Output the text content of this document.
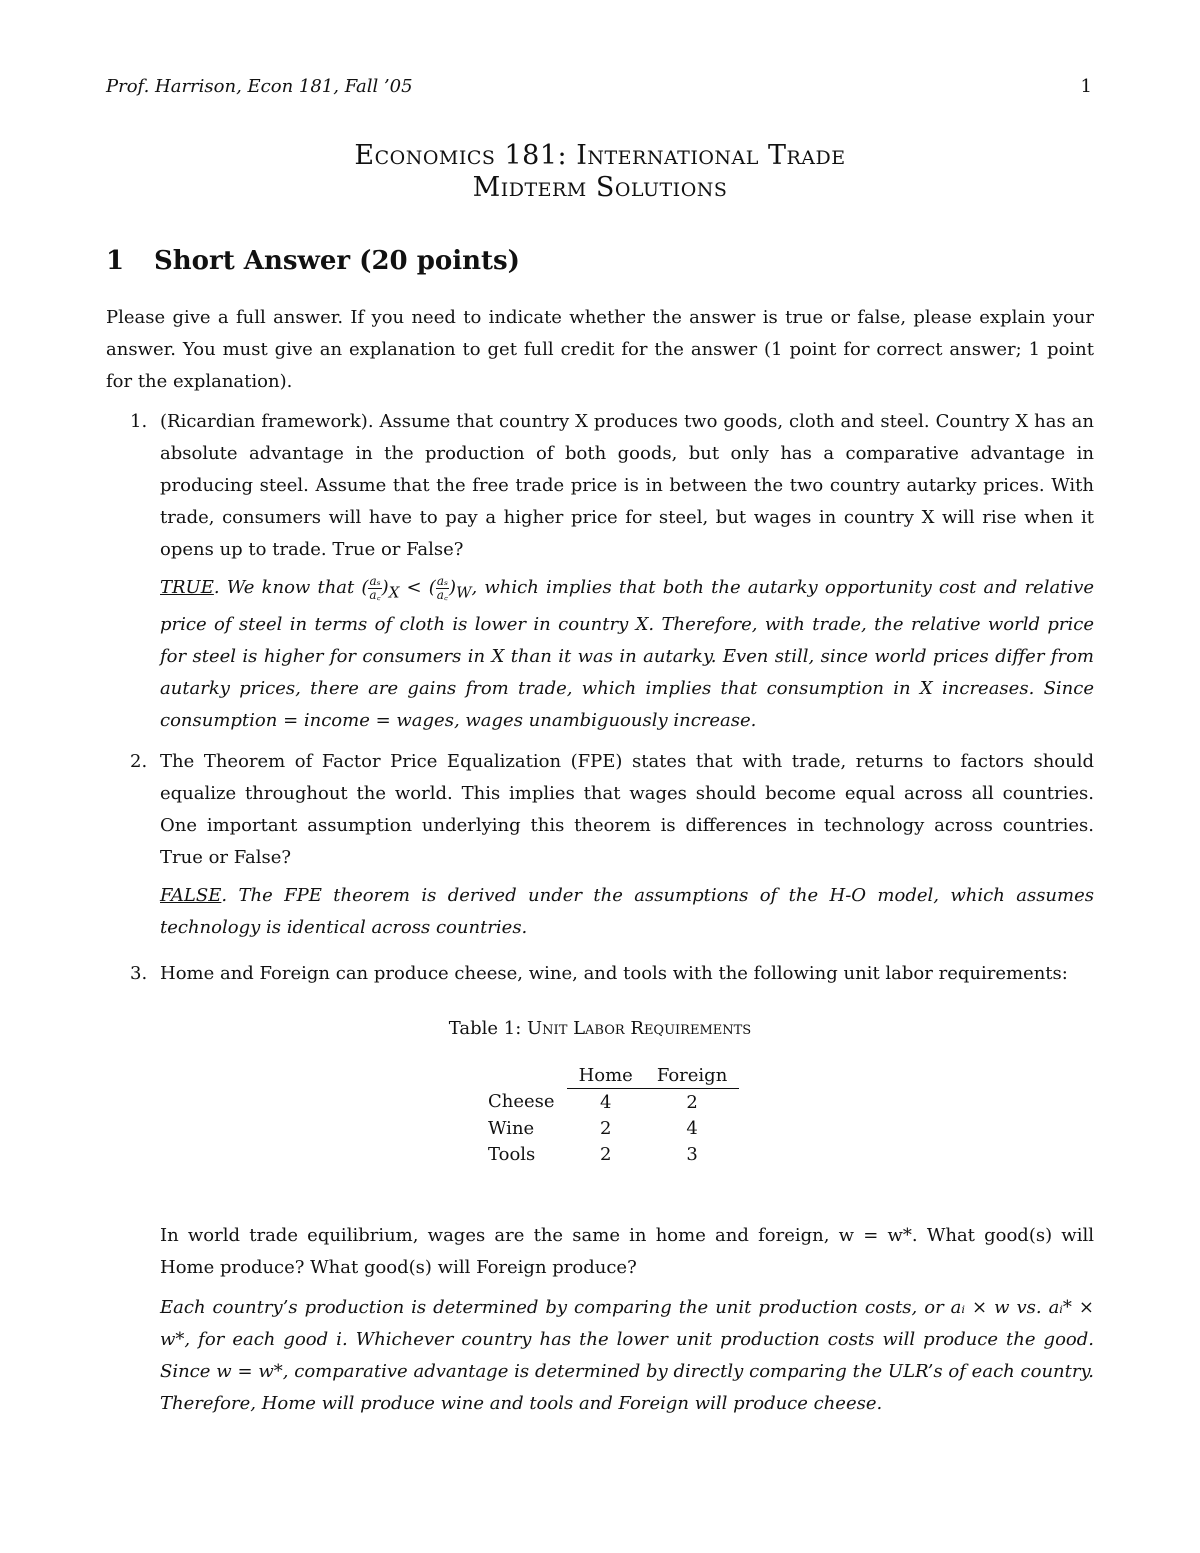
Prof. Harrison, Econ 181, Fall ’05	1
Economics 181: International Trade
Midterm Solutions
1 Short Answer (20 points)
Please give a full answer. If you need to indicate whether the answer is true or false, please explain your answer. You must give an explanation to get full credit for the answer (1 point for correct answer; 1 point for the explanation).
1. (Ricardian framework). Assume that country X produces two goods, cloth and steel. Country X has an absolute advantage in the production of both goods, but only has a comparative advantage in producing steel. Assume that the free trade price is in between the two country autarky prices. With trade, consumers will have to pay a higher price for steel, but wages in country X will rise when it opens up to trade. True or False?
TRUE. We know that ( $\frac{\text{aₛ}}{a꜀} )_X$ < ( $\frac{\text{aₛ}}{a꜀} )_W$, which implies that both the autarky opportunity cost and relative price of steel in terms of cloth is lower in country X. Therefore, with trade, the relative world price for steel is higher for consumers in X than it was in autarky. Even still, since world prices differ from autarky prices, there are gains from trade, which implies that consumption in X increases. Since consumption = income = wages, wages unambiguously increase.
2. The Theorem of Factor Price Equalization (FPE) states that with trade, returns to factors should equalize throughout the world. This implies that wages should become equal across all countries. One important assumption underlying this theorem is differences in technology across countries. True or False?
FALSE. The FPE theorem is derived under the assumptions of the H-O model, which assumes technology is identical across countries.
3. Home and Foreign can produce cheese, wine, and tools with the following unit labor requirements:
Table 1: Unit Labor Requirements
	Home	Foreign
Cheese	4	2
Wine	2	4
Tools	2	3
In world trade equilibrium, wages are the same in home and foreign, w = w*. What good(s) will Home produce? What good(s) will Foreign produce?
Each country’s production is determined by comparing the unit production costs, or aᵢ × w vs. aᵢ* × w*, for each good i. Whichever country has the lower unit production costs will produce the good. Since w = w*, comparative advantage is determined by directly comparing the ULR’s of each country. Therefore, Home will produce wine and tools and Foreign will produce cheese.
